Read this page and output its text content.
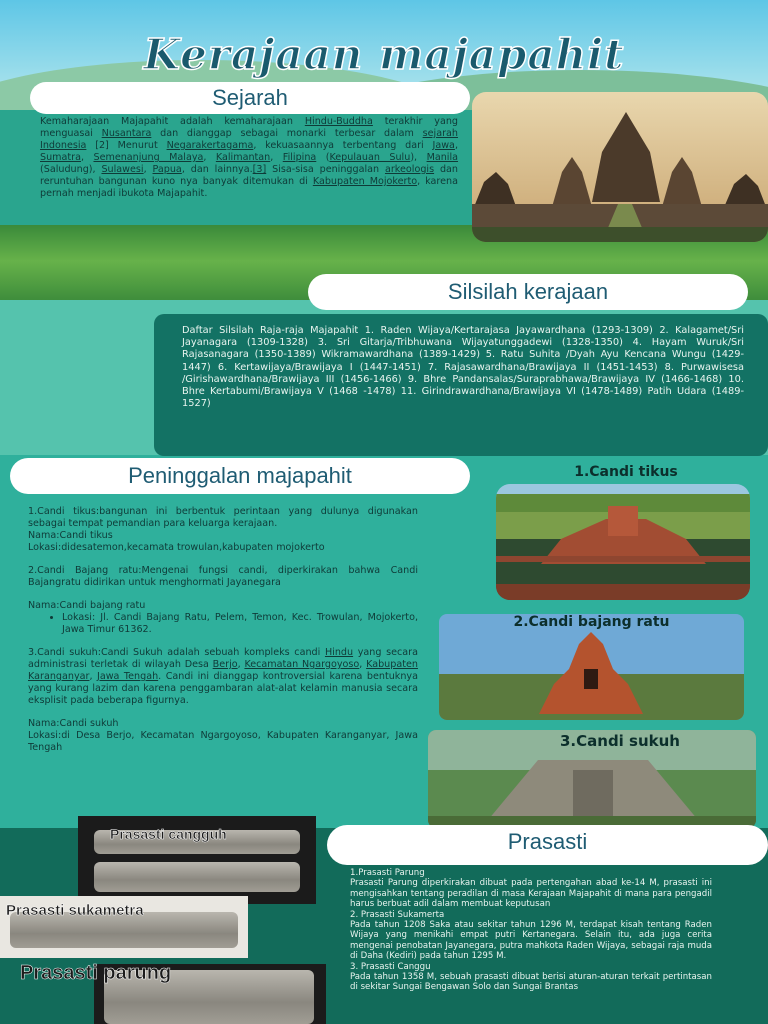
Kerajaan majapahit
Sejarah
Kemaharajaan Majapahit adalah kemaharajaan Hindu-Buddha terakhir yang menguasai Nusantara dan dianggap sebagai monarki terbesar dalam sejarah Indonesia [2] Menurut Negarakertagama, kekuasaannya terbentang dari Jawa, Sumatra, Semenanjung Malaya, Kalimantan, Filipina (Kepulauan Sulu), Manila (Saludung), Sulawesi, Papua, dan lainnya.[3] Sisa-sisa peninggalan arkeologis dan reruntuhan bangunan kuno nya banyak ditemukan di Kabupaten Mojokerto, karena pernah menjadi ibukota Majapahit.
Silsilah kerajaan
Daftar Silsilah Raja-raja Majapahit 1. Raden Wijaya/Kertarajasa Jayawardhana (1293-1309) 2. Kalagamet/Sri Jayanagara (1309-1328) 3. Sri Gitarja/Tribhuwana Wijayatunggadewi (1328-1350) 4. Hayam Wuruk/Sri Rajasanagara (1350-1389) Wikramawardhana (1389-1429) 5. Ratu Suhita /Dyah Ayu Kencana Wungu (1429-1447) 6. Kertawijaya/Brawijaya I (1447-1451) 7. Rajasawardhana/Brawijaya II (1451-1453) 8. Purwawisesa /Girishawardhana/Brawijaya III (1456-1466) 9. Bhre Pandansalas/Suraprabhawa/Brawijaya IV (1466-1468) 10. Bhre Kertabumi/Brawijaya V (1468 -1478) 11. Girindrawardhana/Brawijaya VI (1478-1489) Patih Udara (1489-1527)
Peninggalan majapahit
1.Candi tikus:bangunan ini berbentuk perintaan yang dulunya digunakan sebagai tempat pemandian para keluarga kerajaan.
Nama:Candi tikus
Lokasi:didesatemon,kecamata trowulan,kabupaten mojokerto
2.Candi Bajang ratu:Mengenai fungsi candi, diperkirakan bahwa Candi Bajangratu didirikan untuk menghormati Jayanegara
Nama:Candi bajang ratu
• Lokasi: Jl. Candi Bajang Ratu, Pelem, Temon, Kec. Trowulan, Mojokerto, Jawa Timur 61362.
3.Candi sukuh:Candi Sukuh adalah sebuah kompleks candi Hindu yang secara administrasi terletak di wilayah Desa Berjo, Kecamatan Ngargoyoso, Kabupaten Karanganyar, Jawa Tengah. Candi ini dianggap kontroversial karena bentuknya yang kurang lazim dan karena penggambaran alat-alat kelamin manusia secara eksplisit pada beberapa figurnya.
Nama:Candi sukuh
Lokasi:di Desa Berjo, Kecamatan Ngargoyoso, Kabupaten Karanganyar, Jawa Tengah
1.Candi tikus
2.Candi bajang ratu
3.Candi sukuh
Prasasti
1.Prasasti Parung
Prasasti Parung diperkirakan dibuat pada pertengahan abad ke-14 M, prasasti ini mengisahkan tentang peradilan di masa Kerajaan Majapahit di mana para pengadil harus berbuat adil dalam membuat keputusan
2. Prasasti Sukamerta
Pada tahun 1208 Saka atau sekitar tahun 1296 M, terdapat kisah tentang Raden Wijaya yang menikahi empat putri Kertanegara. Selain itu, ada juga cerita mengenai penobatan Jayanegara, putra mahkota Raden Wijaya, sebagai raja muda di Daha (Kediri) pada tahun 1295 M.
3. Prasasti Canggu
Pada tahun 1358 M, sebuah prasasti dibuat berisi aturan-aturan terkait pertintasan di sekitar Sungai Bengawan Solo dan Sungai Brantas
Prasasti cangguh
Prasasti sukametra
Prasasti parung
